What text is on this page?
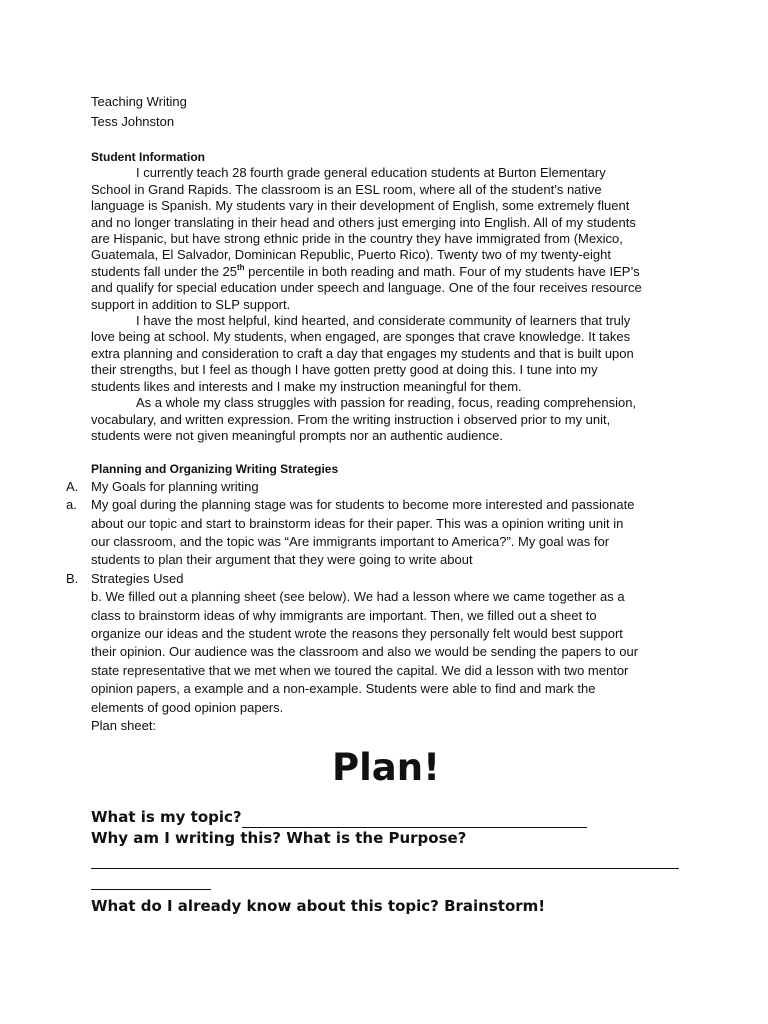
Teaching Writing
Tess Johnston
Student Information
I currently teach 28 fourth grade general education students at Burton Elementary
School in Grand Rapids. The classroom is an ESL room, where all of the student’s native
language is Spanish. My students vary in their development of English, some extremely fluent
and no longer translating in their head and others just emerging into English. All of my students
are Hispanic, but have strong ethnic pride in the country they have immigrated from (Mexico,
Guatemala, El Salvador, Dominican Republic, Puerto Rico). Twenty two of my twenty-eight
students fall under the 25th percentile in both reading and math. Four of my students have IEP’s
and qualify for special education under speech and language. One of the four receives resource
support in addition to SLP support.
I have the most helpful, kind hearted, and considerate community of learners that truly
love being at school. My students, when engaged, are sponges that crave knowledge. It takes
extra planning and consideration to craft a day that engages my students and that is built upon
their strengths, but I feel as though I have gotten pretty good at doing this. I tune into my
students likes and interests and I make my instruction meaningful for them.
As a whole my class struggles with passion for reading, focus, reading comprehension,
vocabulary, and written expression. From the writing instruction i observed prior to my unit,
students were not given meaningful prompts nor an authentic audience.
Planning and Organizing Writing Strategies
A. My Goals for planning writing
a. My goal during the planning stage was for students to become more interested and passionate
about our topic and start to brainstorm ideas for their paper. This was a opinion writing unit in
our classroom, and the topic was “Are immigrants important to America?”. My goal was for
students to plan their argument that they were going to write about
B. Strategies Used
b. We filled out a planning sheet (see below). We had a lesson where we came together as a
class to brainstorm ideas of why immigrants are important. Then, we filled out a sheet to
organize our ideas and the student wrote the reasons they personally felt would best support
their opinion. Our audience was the classroom and also we would be sending the papers to our
state representative that we met when we toured the capital. We did a lesson with two mentor
opinion papers, a example and a non-example. Students were able to find and mark the
elements of good opinion papers.
Plan sheet:
Plan!
What is my topic?
Why am I writing this? What is the Purpose?
What do I already know about this topic? Brainstorm!
